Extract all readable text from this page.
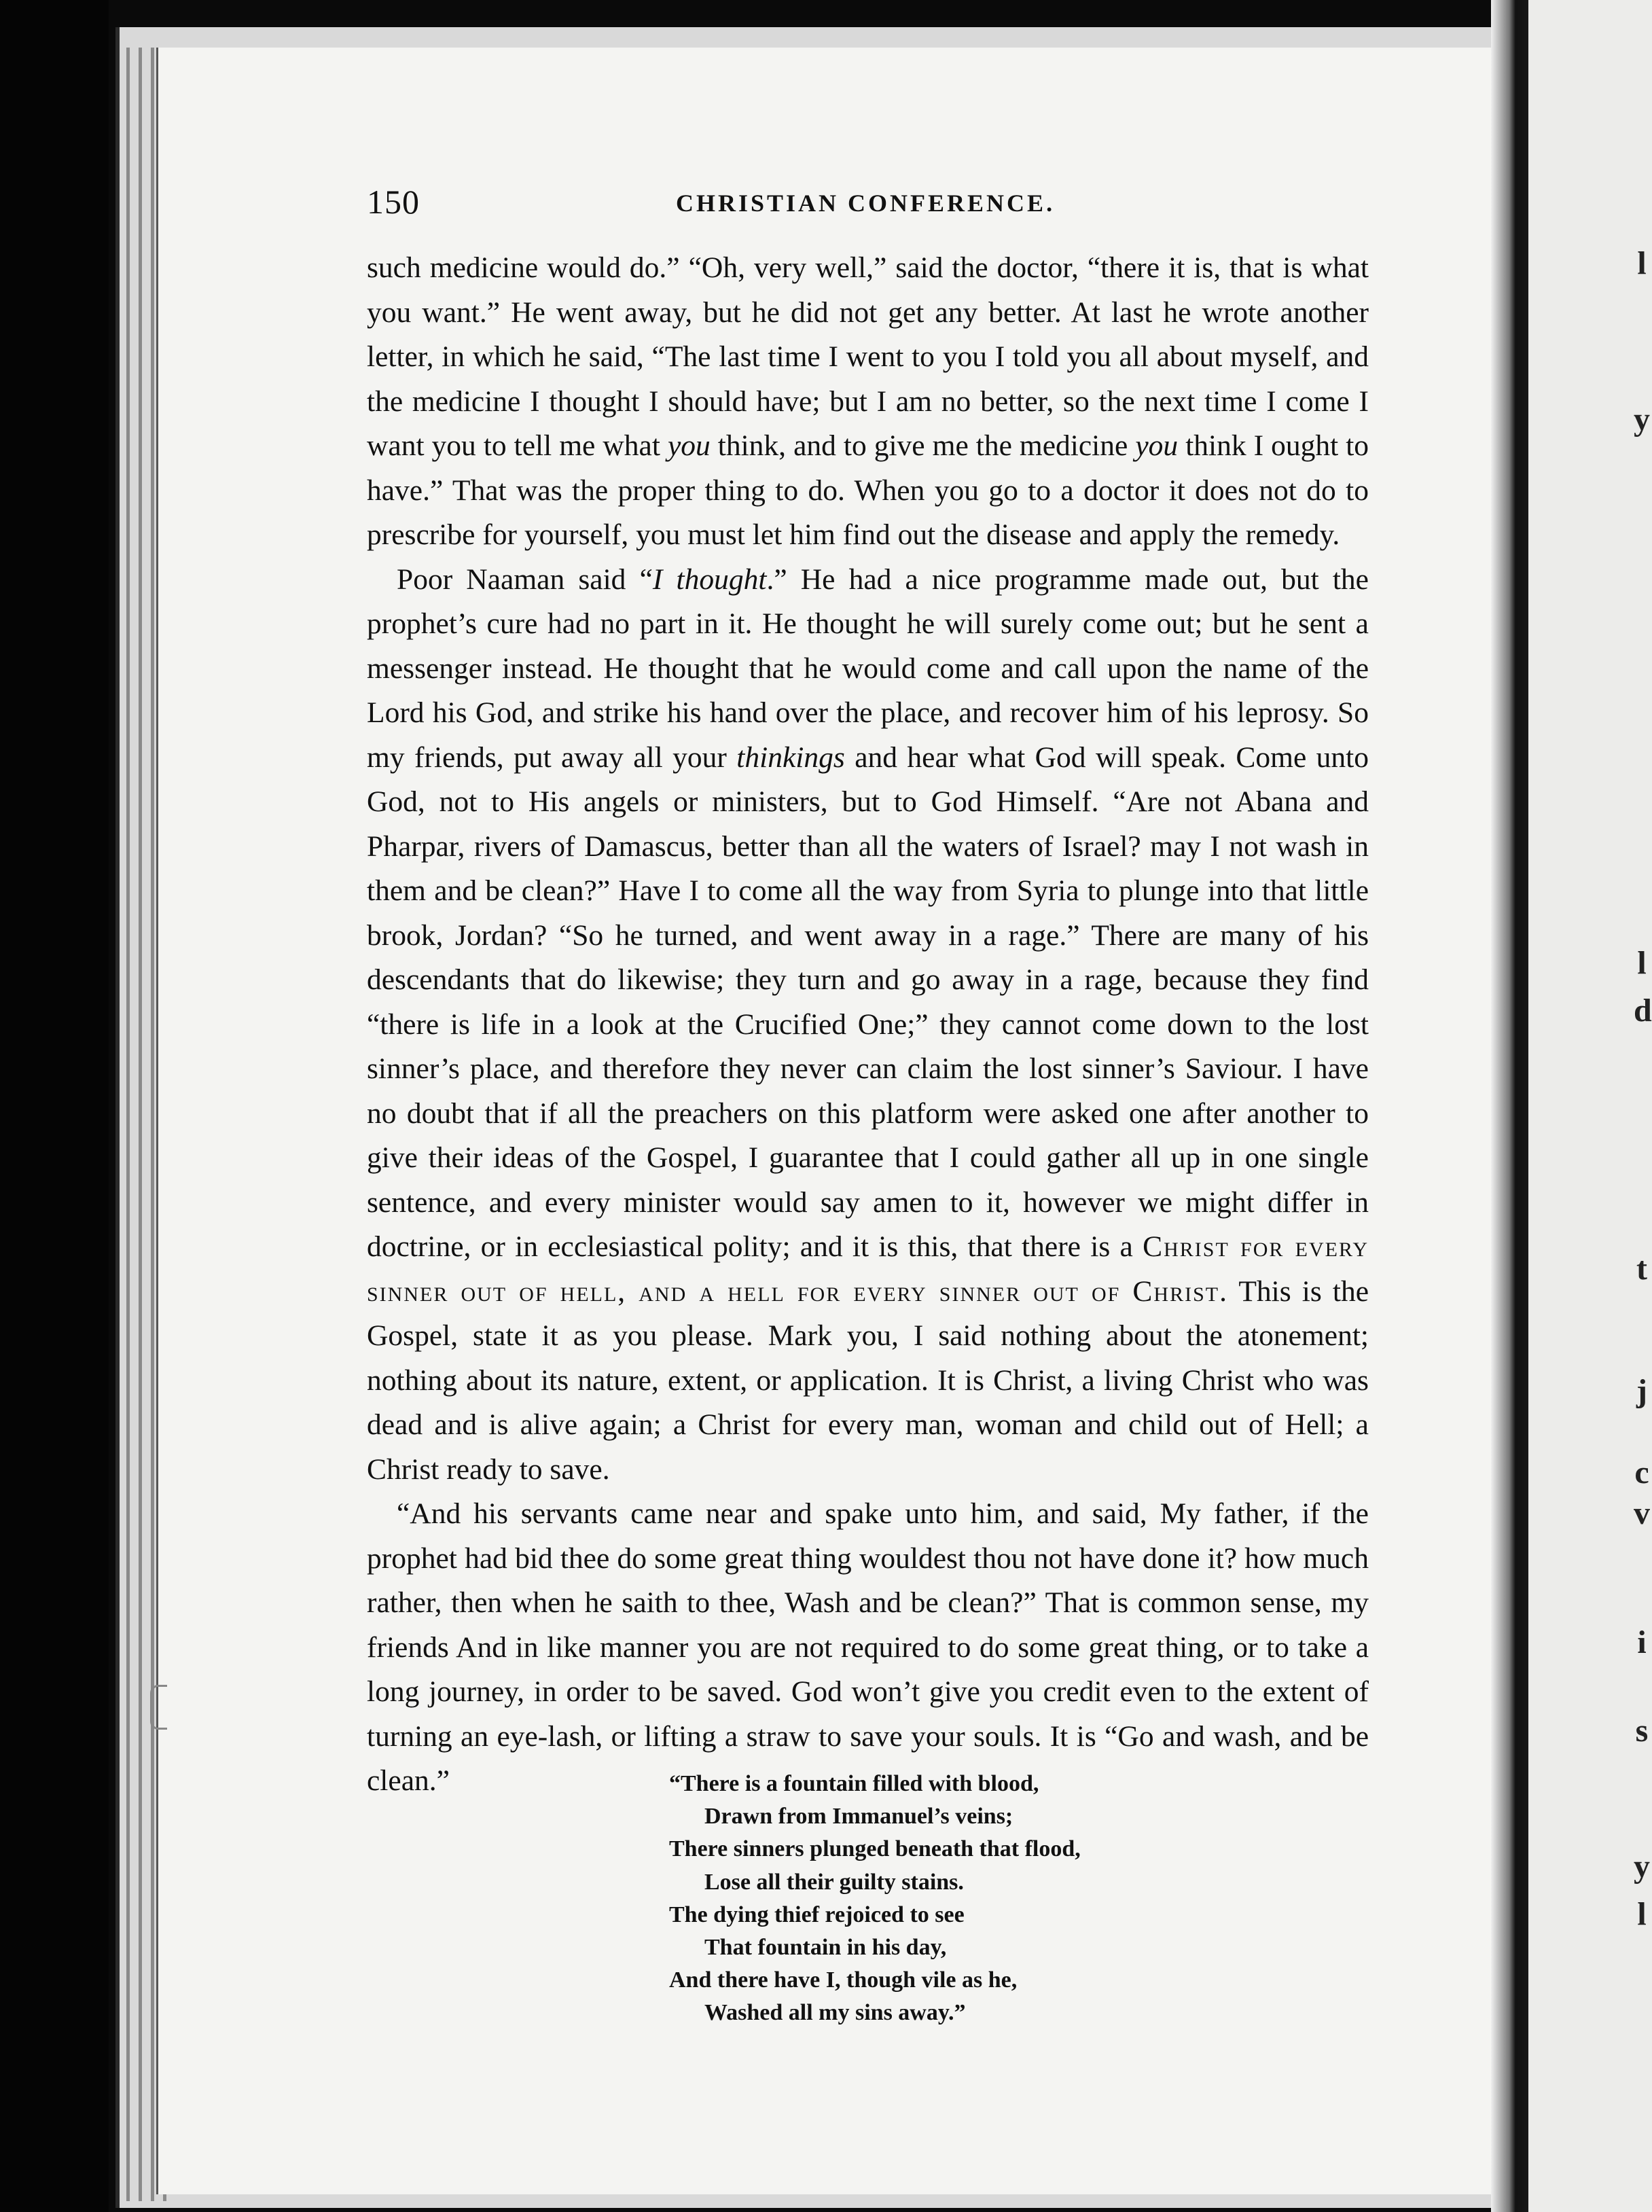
150	CHRISTIAN CONFERENCE.

such medicine would do.” “Oh, very well,” said the doctor, “there it is, that is what you want.” He went away, but he did not get any better. At last he wrote another letter, in which he said, “The last time I went to you I told you all about myself, and the medicine I thought I should have; but I am no better, so the next time I come I want you to tell me what you think, and to give me the medicine you think I ought to have.” That was the proper thing to do. When you go to a doctor it does not do to prescribe for yourself, you must let him find out the disease and apply the remedy.

Poor Naaman said “I thought.” He had a nice programme made out, but the prophet’s cure had no part in it. He thought he will surely come out; but he sent a messenger instead. He thought that he would come and call upon the name of the Lord his God, and strike his hand over the place, and recover him of his leprosy. So my friends, put away all your thinkings and hear what God will speak. Come unto God, not to His angels or ministers, but to God Himself. “Are not Abana and Pharpar, rivers of Damascus, better than all the waters of Israel? may I not wash in them and be clean?” Have I to come all the way from Syria to plunge into that little brook, Jordan? “So he turned, and went away in a rage.” There are many of his descendants that do likewise; they turn and go away in a rage, because they find “there is life in a look at the Crucified One;” they cannot come down to the lost sinner’s place, and therefore they never can claim the lost sinner’s Saviour. I have no doubt that if all the preachers on this platform were asked one after another to give their ideas of the Gospel, I guarantee that I could gather all up in one single sentence, and every minister would say amen to it, however we might differ in doctrine, or in ecclesiastical polity; and it is this, that there is a Christ for every sinner out of hell, and a hell for every sinner out of Christ. This is the Gospel, state it as you please. Mark you, I said nothing about the atonement; nothing about its nature, extent, or application. It is Christ, a living Christ who was dead and is alive again; a Christ for every man, woman and child out of Hell; a Christ ready to save.

“And his servants came near and spake unto him, and said, My father, if the prophet had bid thee do some great thing wouldest thou not have done it? how much rather, then when he saith to thee, Wash and be clean?” That is common sense, my friends And in like manner you are not required to do some great thing, or to take a long journey, in order to be saved. God won’t give you credit even to the extent of turning an eye-lash, or lifting a straw to save your souls. It is “Go and wash, and be clean.”	“There is a fountain filled with blood,
Drawn from Immanuel’s veins;
There sinners plunged beneath that flood,
Lose all their guilty stains.
The dying thief rejoiced to see
That fountain in his day,
And there have I, though vile as he,
Washed all my sins away.”
l
y
l
d
t
j
c
v
i
s
y
l
